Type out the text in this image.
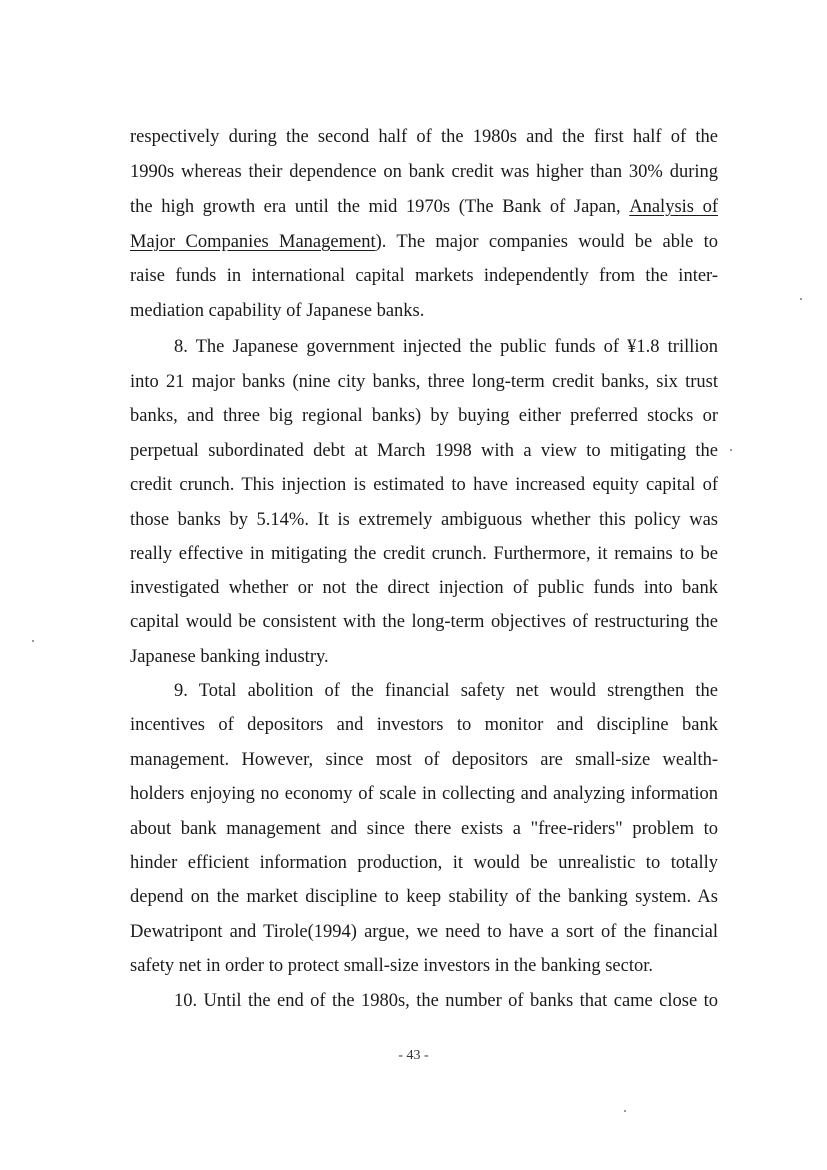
respectively during the second half of the 1980s and the first half of the
1990s whereas their dependence on bank credit was higher than 30% during
the high growth era until the mid 1970s (The Bank of Japan, Analysis of
Major Companies Management). The major companies would be able to
raise funds in international capital markets independently from the inter-
mediation capability of Japanese banks.
8. The Japanese government injected the public funds of ¥1.8 trillion
into 21 major banks (nine city banks, three long-term credit banks, six trust
banks, and three big regional banks) by buying either preferred stocks or
perpetual subordinated debt at March 1998 with a view to mitigating the
credit crunch. This injection is estimated to have increased equity capital of
those banks by 5.14%. It is extremely ambiguous whether this policy was
really effective in mitigating the credit crunch. Furthermore, it remains to be
investigated whether or not the direct injection of public funds into bank
capital would be consistent with the long-term objectives of restructuring the
Japanese banking industry.
9. Total abolition of the financial safety net would strengthen the
incentives of depositors and investors to monitor and discipline bank
management. However, since most of depositors are small-size wealth-
holders enjoying no economy of scale in collecting and analyzing information
about bank management and since there exists a "free-riders" problem to
hinder efficient information production, it would be unrealistic to totally
depend on the market discipline to keep stability of the banking system. As
Dewatripont and Tirole(1994) argue, we need to have a sort of the financial
safety net in order to protect small-size investors in the banking sector.
10. Until the end of the 1980s, the number of banks that came close to
- 43 -
